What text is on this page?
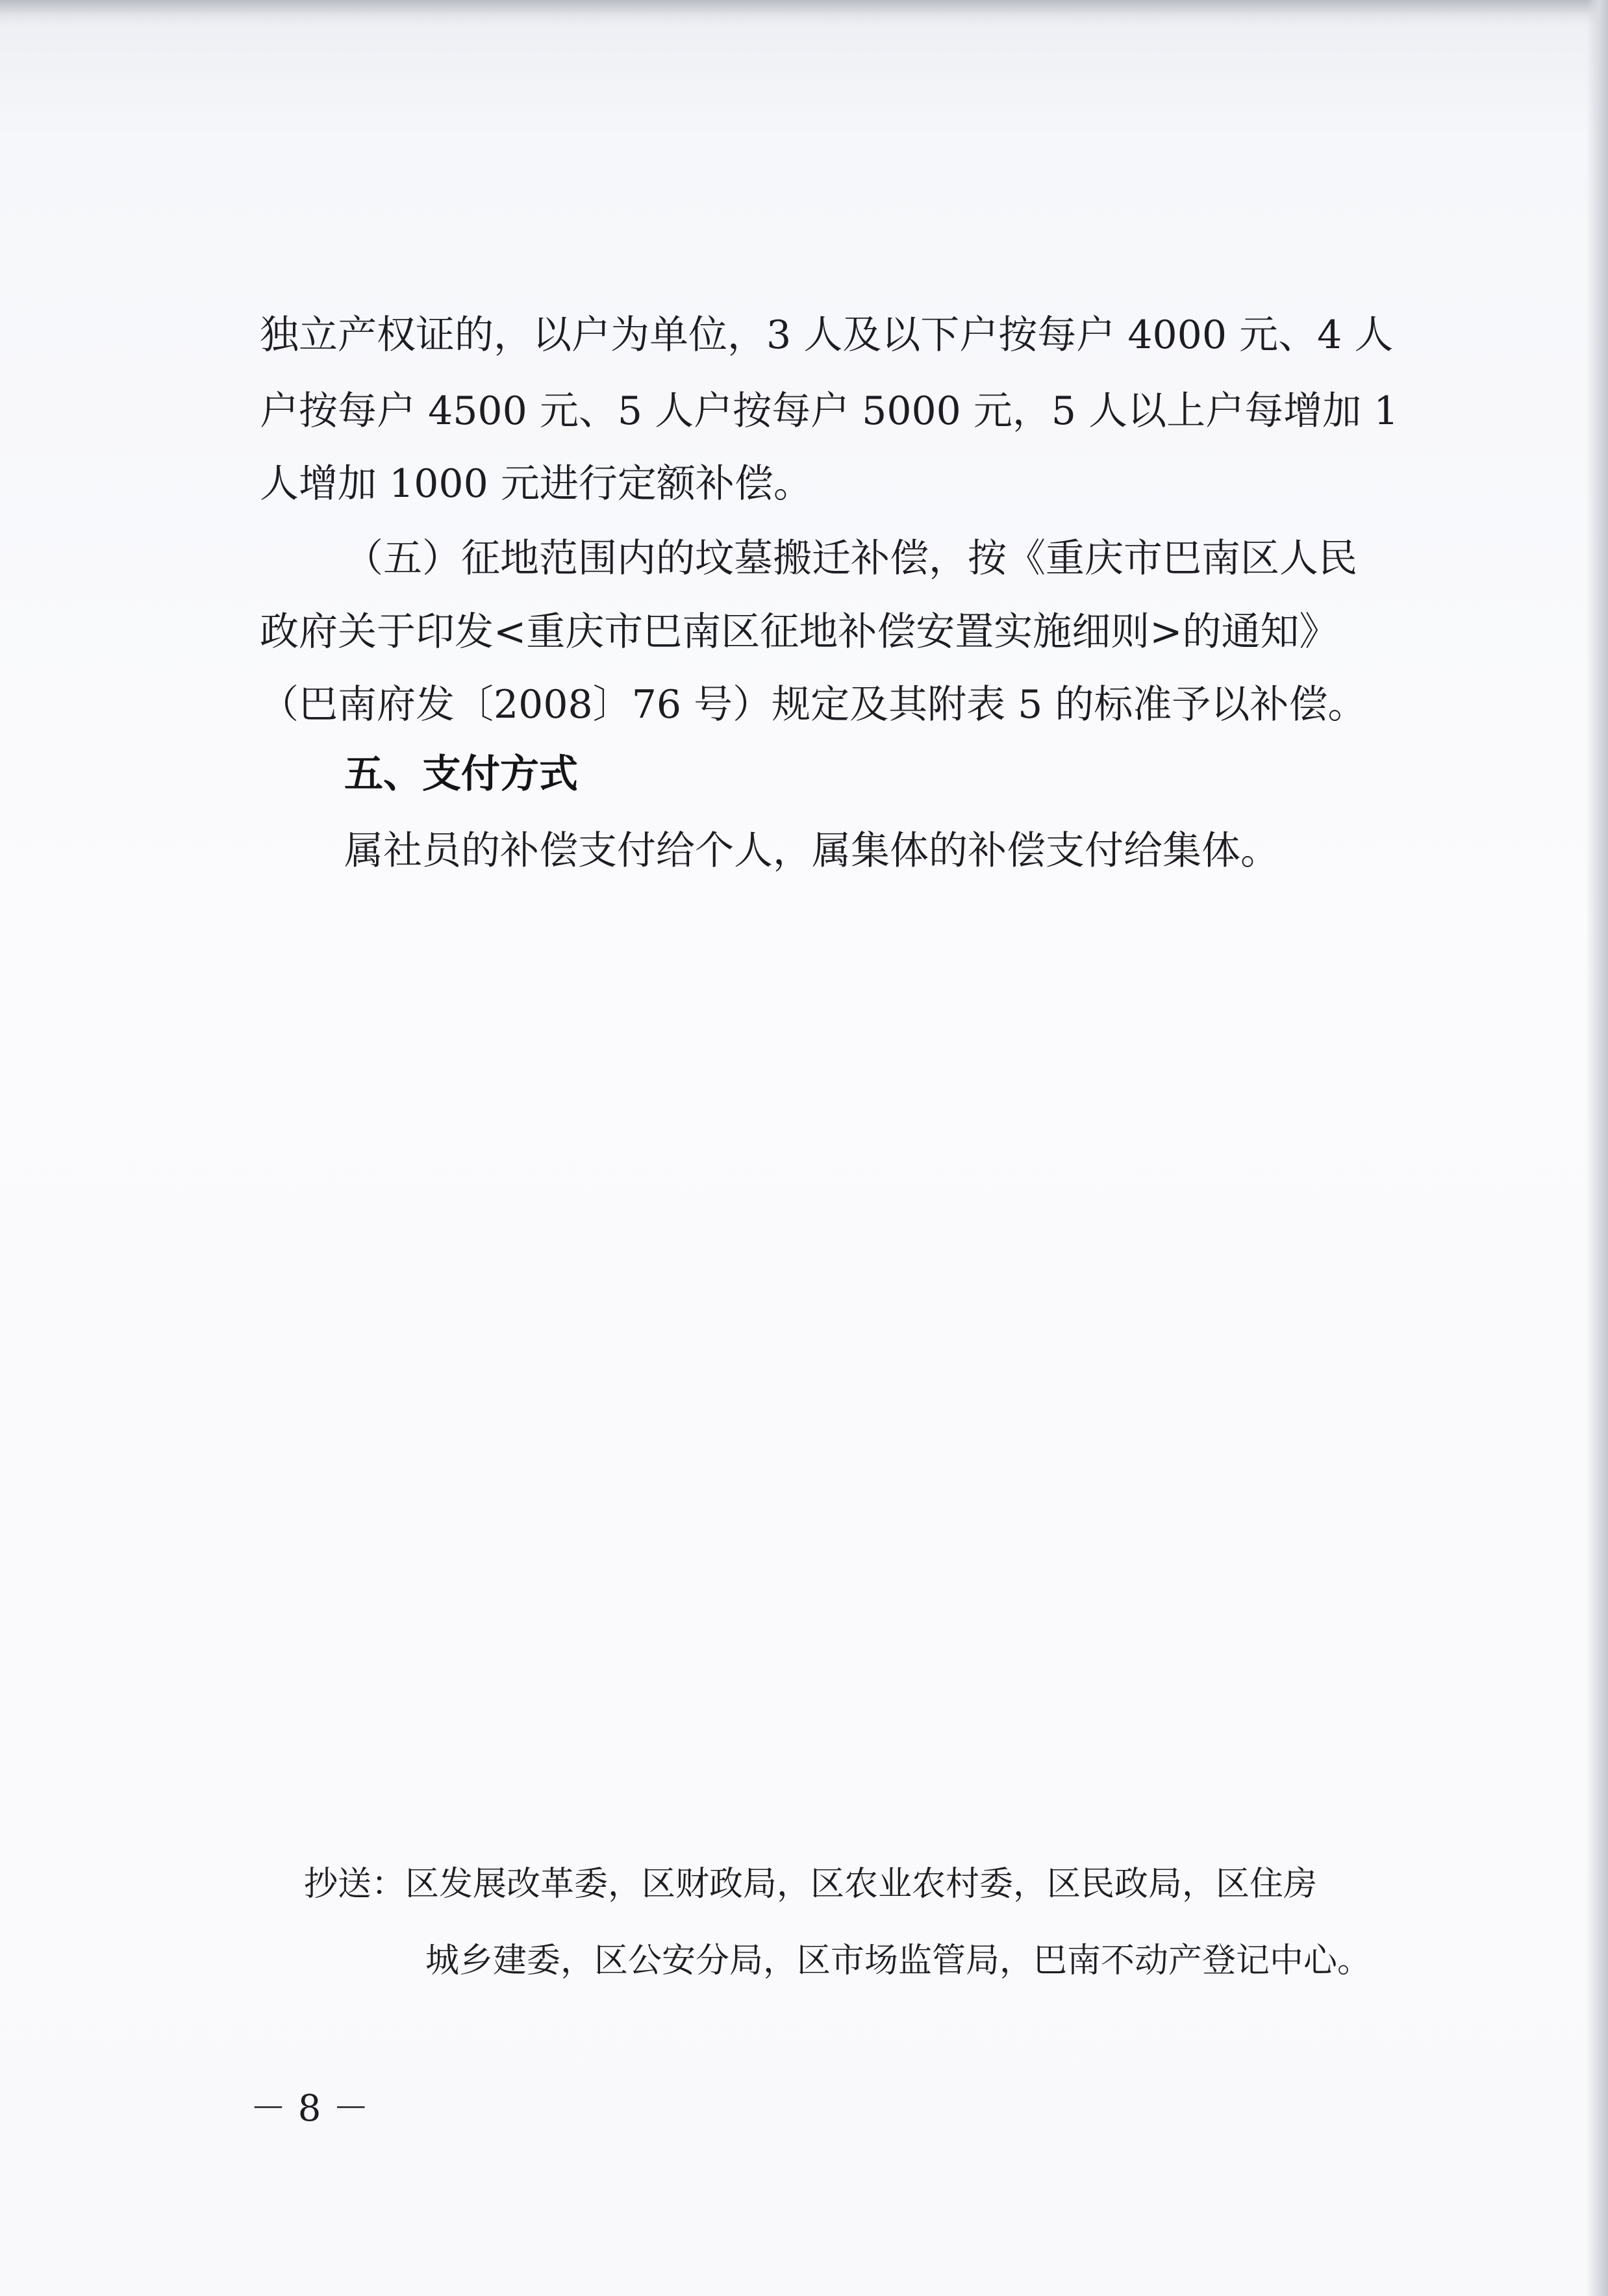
独立产权证的，以户为单位，3 人及以下户按每户 4000 元、4 人

户按每户 4500 元、5 人户按每户 5000 元，5 人以上户每增加 1

人增加 1000 元进行定额补偿。

（五）征地范围内的坟墓搬迁补偿，按《重庆市巴南区人民

政府关于印发<重庆市巴南区征地补偿安置实施细则>的通知》

（巴南府发〔2008〕76 号）规定及其附表 5 的标准予以补偿。

五、支付方式

属社员的补偿支付给个人，属集体的补偿支付给集体。

抄送：区发展改革委，区财政局，区农业农村委，区民政局，区住房

城乡建委，区公安分局，区市场监管局，巴南不动产登记中心。

－ 8 －
